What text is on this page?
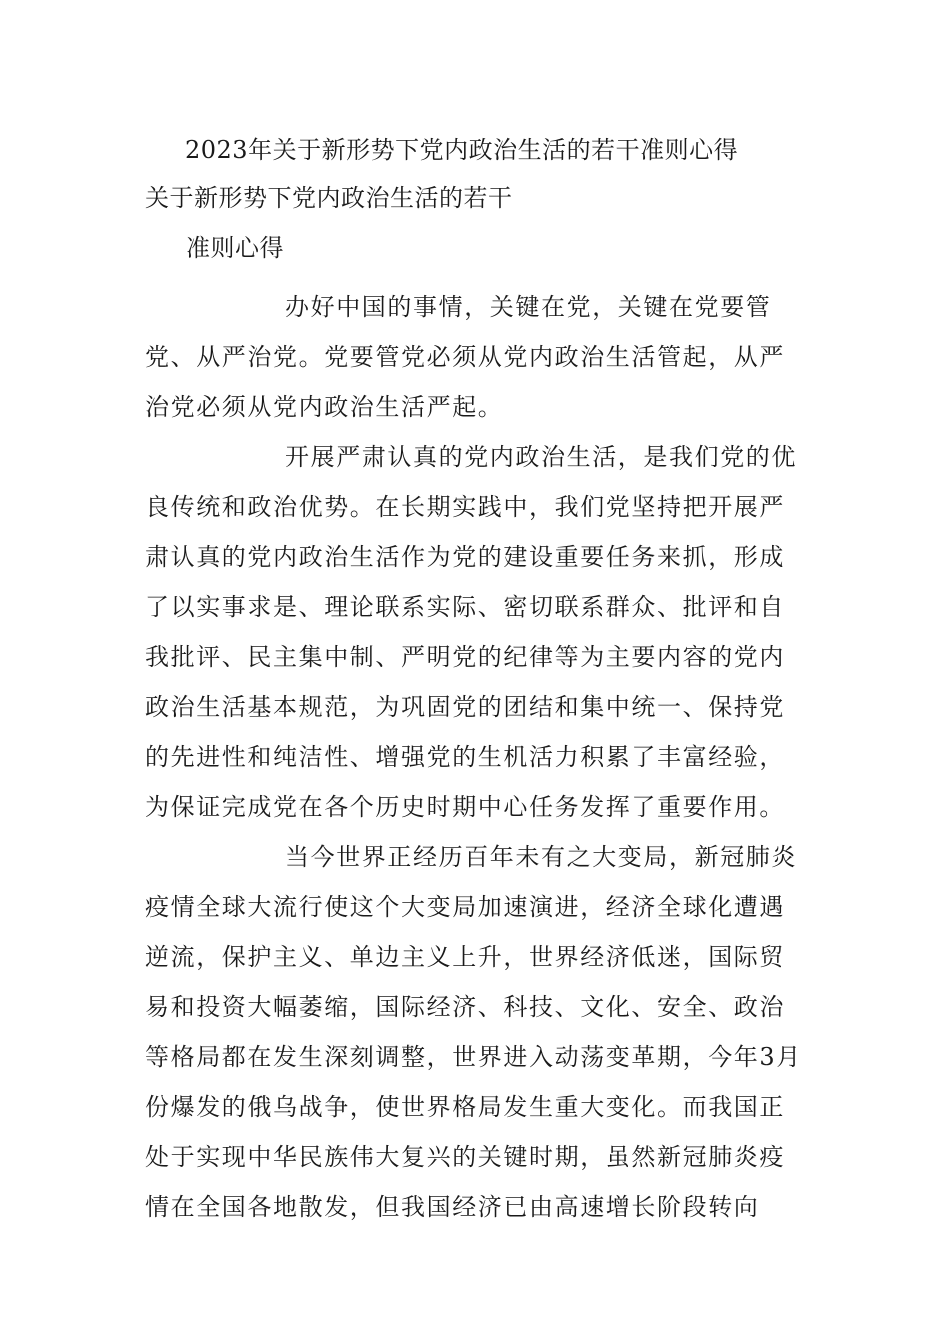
2023年关于新形势下党内政治生活的若干准则心得
关于新形势下党内政治生活的若干
准则心得

办好中国的事情，关键在党，关键在党要管党、从严治党。党要管党必须从党内政治生活管起，从严治党必须从党内政治生活严起。

开展严肃认真的党内政治生活，是我们党的优良传统和政治优势。在长期实践中，我们党坚持把开展严肃认真的党内政治生活作为党的建设重要任务来抓，形成了以实事求是、理论联系实际、密切联系群众、批评和自我批评、民主集中制、严明党的纪律等为主要内容的党内政治生活基本规范，为巩固党的团结和集中统一、保持党的先进性和纯洁性、增强党的生机活力积累了丰富经验，为保证完成党在各个历史时期中心任务发挥了重要作用。

当今世界正经历百年未有之大变局，新冠肺炎疫情全球大流行使这个大变局加速演进，经济全球化遭遇逆流，保护主义、单边主义上升，世界经济低迷，国际贸易和投资大幅萎缩，国际经济、科技、文化、安全、政治等格局都在发生深刻调整，世界进入动荡变革期，今年3月份爆发的俄乌战争，使世界格局发生重大变化。而我国正处于实现中华民族伟大复兴的关键时期，虽然新冠肺炎疫情在全国各地散发，但我国经济已由高速增长阶段转向
